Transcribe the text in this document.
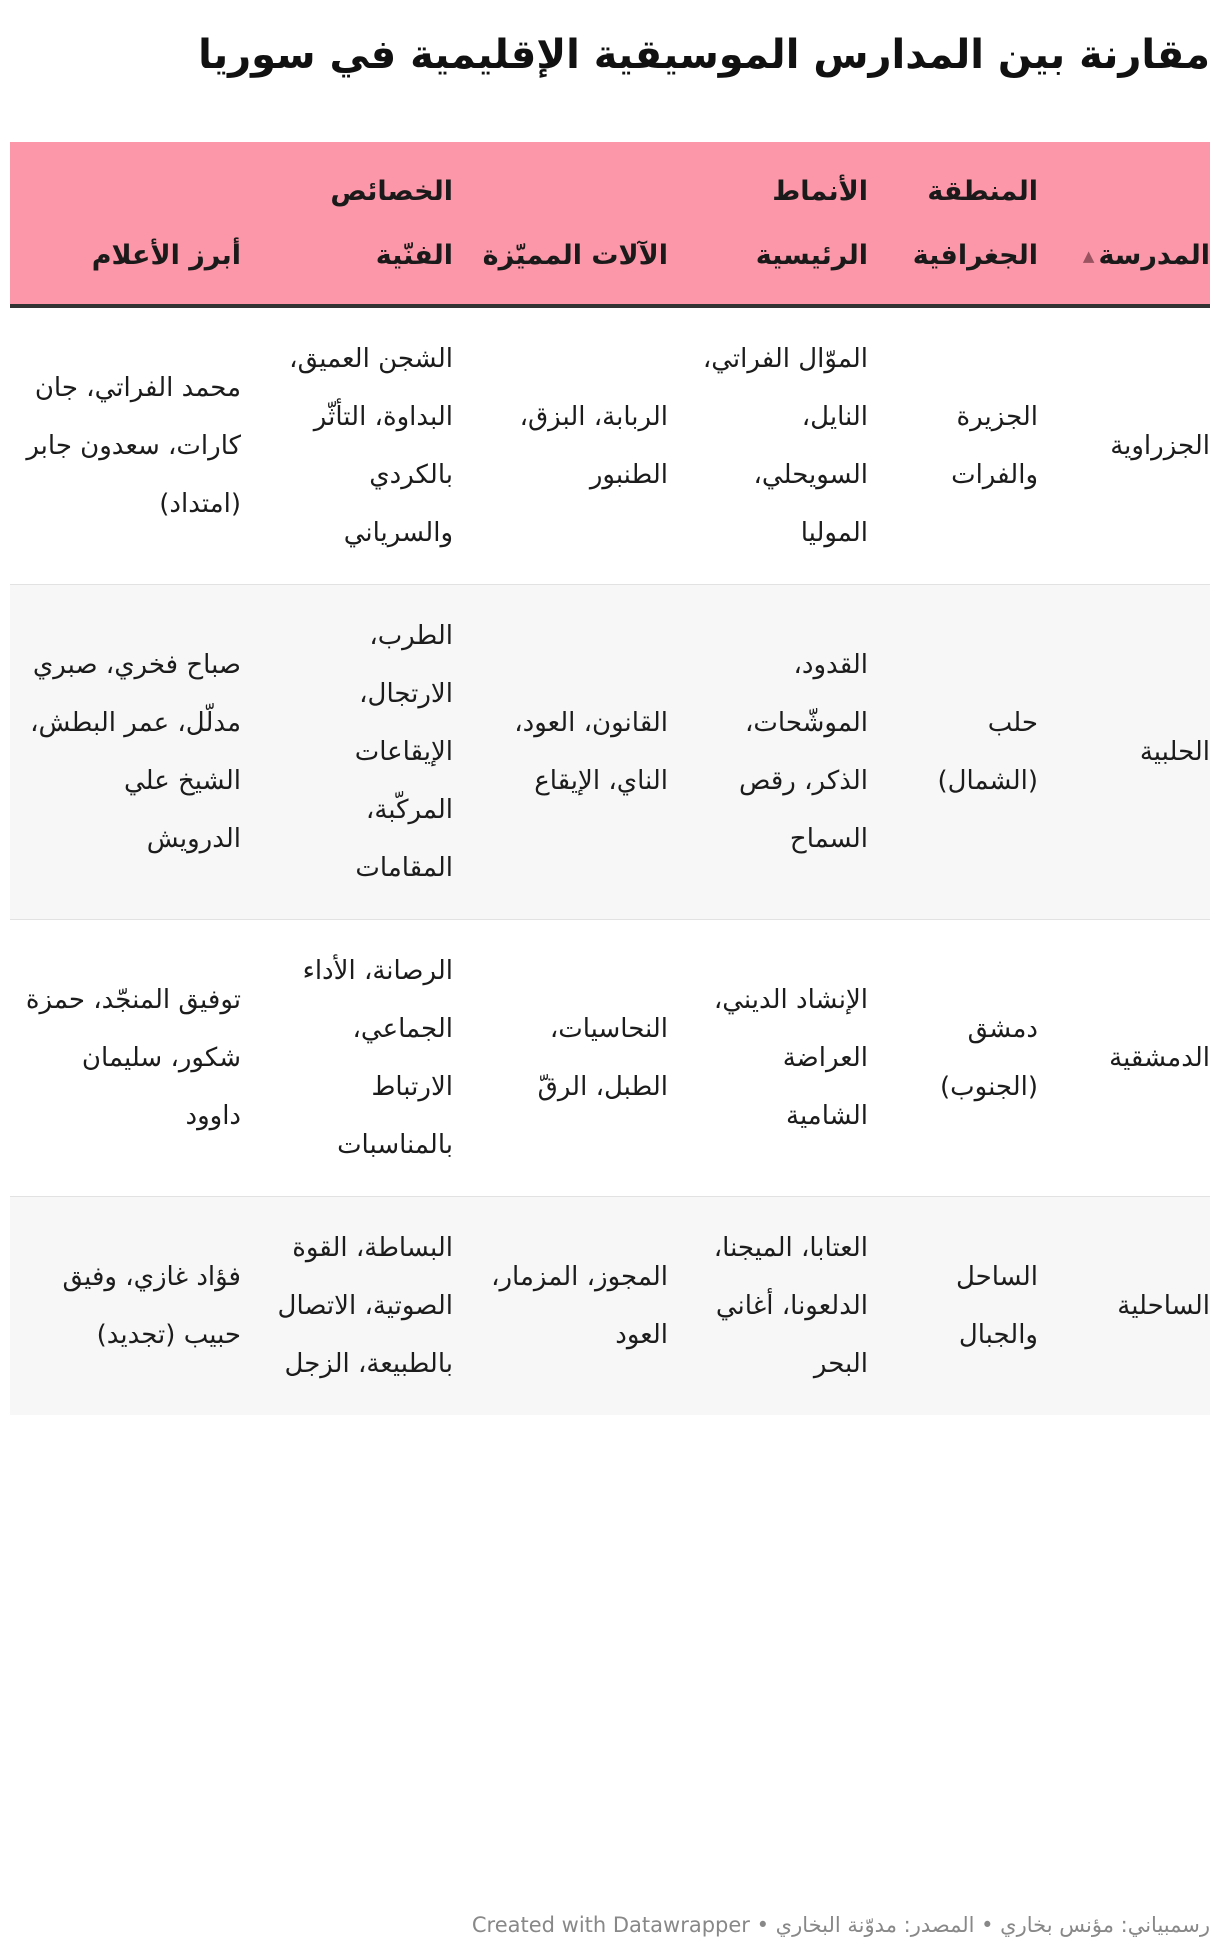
مقارنة بين المدارس الموسيقية الإقليمية في سوريا
المدرسة▲	المنطقة الجغرافية	الأنماط الرئيسية	الآلات المميّزة	الخصائص الفنّية	أبرز الأعلام
الجزراوية	الجزيرة والفرات	الموّال الفراتي، النايل، السويحلي، الموليا	الربابة، البزق، الطنبور	الشجن العميق، البداوة، التأثّر بالكردي والسرياني	محمد الفراتي، جان كارات، سعدون جابر (امتداد)
الحلبية	حلب (الشمال)	القدود، الموشّحات، الذكر، رقص السماح	القانون، العود، الناي، الإيقاع	الطرب، الارتجال، الإيقاعات المركّبة، المقامات	صباح فخري، صبري مدلّل، عمر البطش، الشيخ علي الدرويش
الدمشقية	دمشق (الجنوب)	الإنشاد الديني، العراضة الشامية	النحاسيات، الطبل، الرقّ	الرصانة، الأداء الجماعي، الارتباط بالمناسبات	توفيق المنجّد، حمزة شكور، سليمان داوود
الساحلية	الساحل والجبال	العتابا، الميجنا، الدلعونا، أغاني البحر	المجوز، المزمار، العود	البساطة، القوة الصوتية، الاتصال بالطبيعة، الزجل	فؤاد غازي، وفيق حبيب (تجديد)

رسمبياني: مؤنس بخاري • المصدر: مدوّنة البخاري • Created with Datawrapper
